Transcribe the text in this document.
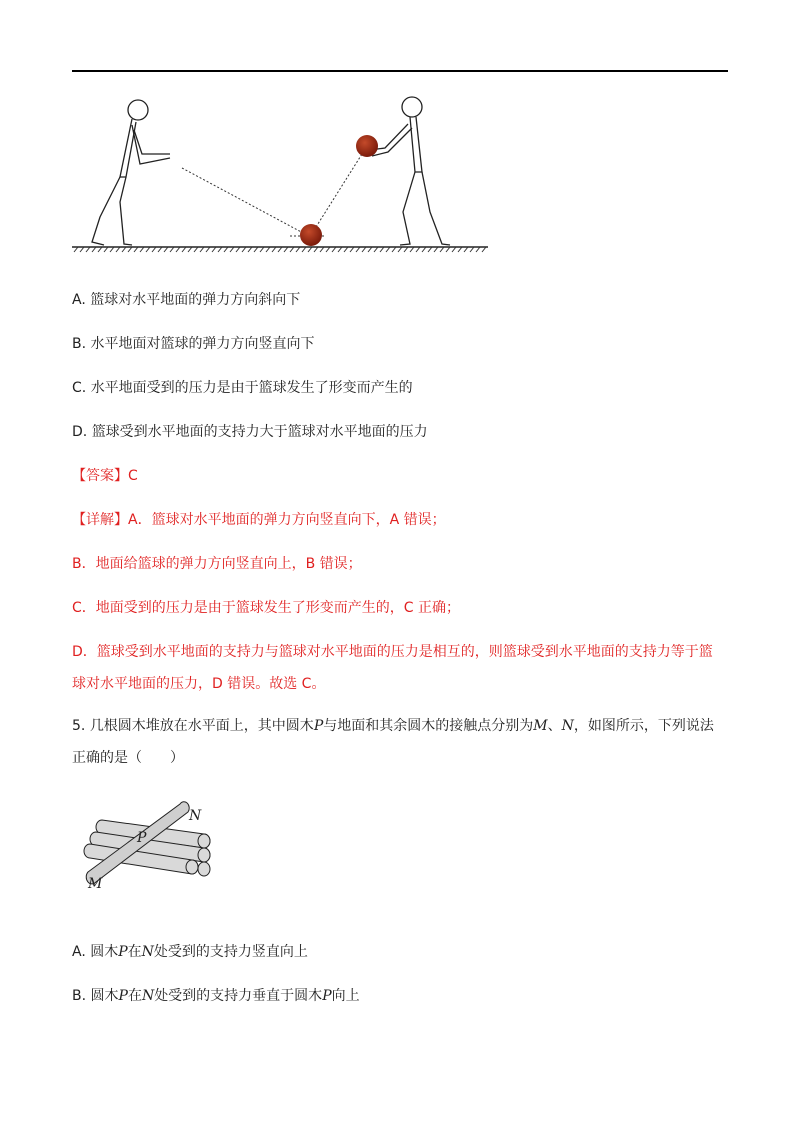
A. 篮球对水平地面的弹力方向斜向下
B. 水平地面对篮球的弹力方向竖直向下
C. 水平地面受到的压力是由于篮球发生了形变而产生的
D. 篮球受到水平地面的支持力大于篮球对水平地面的压力
【答案】C
【详解】A．篮球对水平地面的弹力方向竖直向下，A 错误；
B．地面给篮球的弹力方向竖直向上，B 错误；
C．地面受到的压力是由于篮球发生了形变而产生的，C 正确；
D．篮球受到水平地面的支持力与篮球对水平地面的压力是相互的，则篮球受到水平地面的支持力等于篮
球对水平地面的压力，D 错误。故选 C。
5. 几根圆木堆放在水平面上，其中圆木P与地面和其余圆木的接触点分别为M、N，如图所示，下列说法
正确的是（　　）
N
P
M
A. 圆木P在N处受到的支持力竖直向上
B. 圆木P在N处受到的支持力垂直于圆木P向上
